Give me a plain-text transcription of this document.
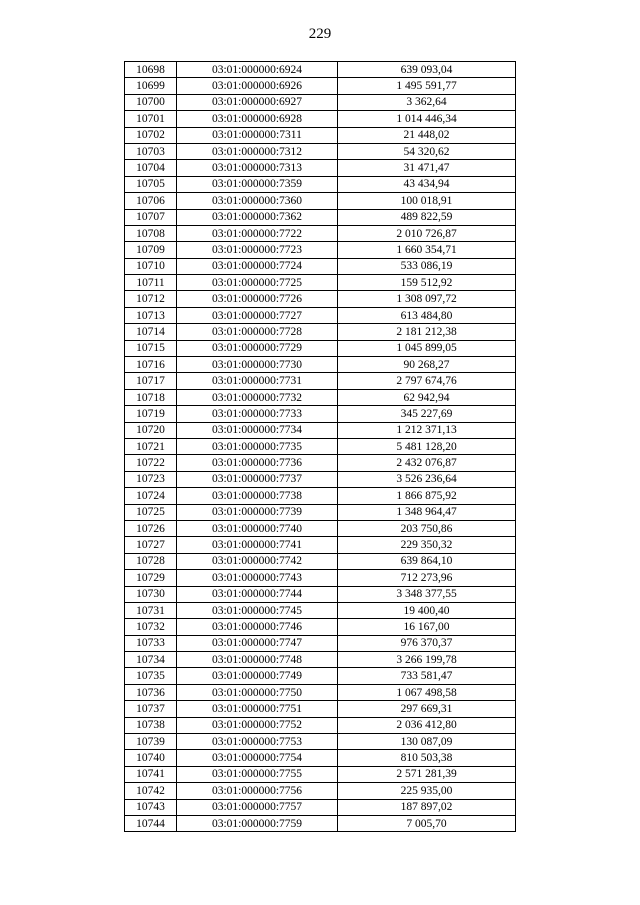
229
10698	03:01:000000:6924	639 093,04
10699	03:01:000000:6926	1 495 591,77
10700	03:01:000000:6927	3 362,64
10701	03:01:000000:6928	1 014 446,34
10702	03:01:000000:7311	21 448,02
10703	03:01:000000:7312	54 320,62
10704	03:01:000000:7313	31 471,47
10705	03:01:000000:7359	43 434,94
10706	03:01:000000:7360	100 018,91
10707	03:01:000000:7362	489 822,59
10708	03:01:000000:7722	2 010 726,87
10709	03:01:000000:7723	1 660 354,71
10710	03:01:000000:7724	533 086,19
10711	03:01:000000:7725	159 512,92
10712	03:01:000000:7726	1 308 097,72
10713	03:01:000000:7727	613 484,80
10714	03:01:000000:7728	2 181 212,38
10715	03:01:000000:7729	1 045 899,05
10716	03:01:000000:7730	90 268,27
10717	03:01:000000:7731	2 797 674,76
10718	03:01:000000:7732	62 942,94
10719	03:01:000000:7733	345 227,69
10720	03:01:000000:7734	1 212 371,13
10721	03:01:000000:7735	5 481 128,20
10722	03:01:000000:7736	2 432 076,87
10723	03:01:000000:7737	3 526 236,64
10724	03:01:000000:7738	1 866 875,92
10725	03:01:000000:7739	1 348 964,47
10726	03:01:000000:7740	203 750,86
10727	03:01:000000:7741	229 350,32
10728	03:01:000000:7742	639 864,10
10729	03:01:000000:7743	712 273,96
10730	03:01:000000:7744	3 348 377,55
10731	03:01:000000:7745	19 400,40
10732	03:01:000000:7746	16 167,00
10733	03:01:000000:7747	976 370,37
10734	03:01:000000:7748	3 266 199,78
10735	03:01:000000:7749	733 581,47
10736	03:01:000000:7750	1 067 498,58
10737	03:01:000000:7751	297 669,31
10738	03:01:000000:7752	2 036 412,80
10739	03:01:000000:7753	130 087,09
10740	03:01:000000:7754	810 503,38
10741	03:01:000000:7755	2 571 281,39
10742	03:01:000000:7756	225 935,00
10743	03:01:000000:7757	187 897,02
10744	03:01:000000:7759	7 005,70
